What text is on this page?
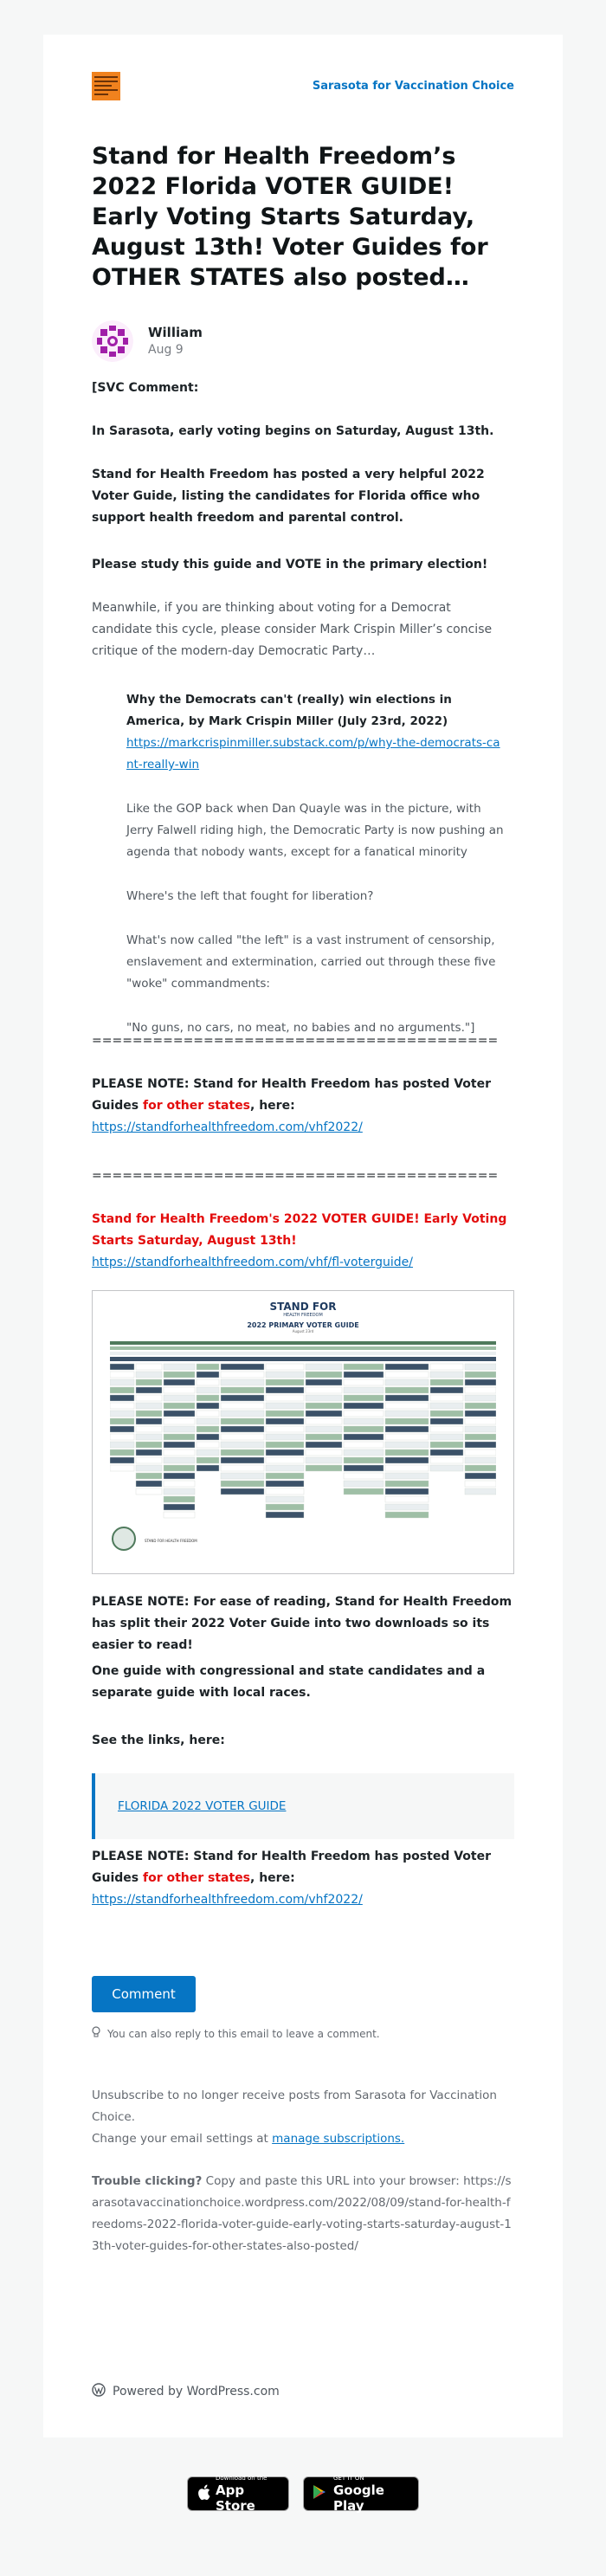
Sarasota for Vaccination Choice
Stand for Health Freedom’s 2022 Florida VOTER GUIDE! Early Voting Starts Saturday, August 13th! Voter Guides for OTHER STATES also posted…
William
Aug 9

[SVC Comment:

In Sarasota, early voting begins on Saturday, August 13th.

Stand for Health Freedom has posted a very helpful 2022 Voter Guide, listing the candidates for Florida office who support health freedom and parental control.

Please study this guide and VOTE in the primary election!

Meanwhile, if you are thinking about voting for a Democrat candidate this cycle, please consider Mark Crispin Miller’s concise critique of the modern-day Democratic Party…

Why the Democrats can't (really) win elections in America, by Mark Crispin Miller (July 23rd, 2022)

https://markcrispinmiller.substack.com/p/why-the-democrats-cant-really-win

Like the GOP back when Dan Quayle was in the picture, with Jerry Falwell riding high, the Democratic Party is now pushing an agenda that nobody wants, except for a fanatical minority

Where's the left that fought for liberation?

What's now called "the left" is a vast instrument of censorship, enslavement and extermination, carried out through these five "woke" commandments:

"No guns, no cars, no meat, no babies and no arguments."]

========================================

PLEASE NOTE: Stand for Health Freedom has posted Voter Guides for other states, here:
https://standforhealthfreedom.com/vhf2022/

========================================

Stand for Health Freedom's 2022 VOTER GUIDE! Early Voting Starts Saturday, August 13th!
https://standforhealthfreedom.com/vhf/fl-voterguide/

STAND FOR
HEALTH FREEDOM
2022 PRIMARY VOTER GUIDE
August 23rd
STAND FOR HEALTH FREEDOM

PLEASE NOTE: For ease of reading, Stand for Health Freedom has split their 2022 Voter Guide into two downloads so its easier to read!

One guide with congressional and state candidates and a separate guide with local races.

See the links, here:

FLORIDA 2022 VOTER GUIDE

PLEASE NOTE: Stand for Health Freedom has posted Voter Guides for other states, here:
https://standforhealthfreedom.com/vhf2022/

Comment
You can also reply to this email to leave a comment.

Unsubscribe to no longer receive posts from Sarasota for Vaccination Choice.

Change your email settings at manage subscriptions.

Trouble clicking? Copy and paste this URL into your browser: https://sarasotavaccinationchoice.wordpress.com/2022/08/09/stand-for-health-freedoms-2022-florida-voter-guide-early-voting-starts-saturday-august-13th-voter-guides-for-other-states-also-posted/

Powered by WordPress.com
Download on the
App Store
GET IT ON
Google Play
